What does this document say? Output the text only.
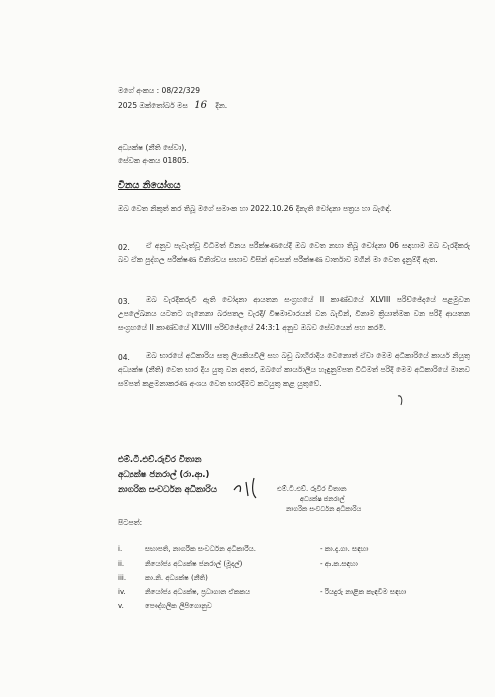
මගේ අංකය : 08/22/329
2025 ඔක්තෝබර් මස 16 දින.
අධ්‍යක්ෂ (නීති සේවා),
සේවක අංකය 01805.
විනය නියෝගය
ඔබ වෙත නිකුත් කර තිබූ මගේ සමාංක හා 2022.10.26 දිනැති චෝදනා පත්‍රය හා බැඳේ.
02.	ඒ අනුව පැවැත්වූ විධිමත් විනය පරීක්ෂණයේදී ඔබ වෙත නඟා තිබූ චෝදනා 06 සඳහාම ඔබ වැරදිකරු බව ඒක පුද්ගල පරීක්ෂණ විනිශ්චය සභාව විසින් අවසන් පරීක්ෂණ වාර්තාව මගින් මා වෙත දැනුම්දී ඇත.
03.	ඔබ වැරදිකරුවී ඇති චෝදනා ආයතන සංග්‍රහයේ II කාණ්ඩයේ XLVIII පරිච්ඡේදයේ පළමුවන උපලේඛනය යටතට ගැනෙනා බරපතල වැරදි/ විෂමාචාරයන් වන බැවින්, විනාම ක්‍රියාත්මක වන පරිදි ආයතන සංග්‍රහයේ II කාණ්ඩයේ XLVIII පරිච්ඡේදයේ 24:3:1 අනුව ඔබව සේවයෙන් පහ කරමි.
04.	ඔබ භාරයේ අධිකාරිය සතු ලියකියවිලි සහ බඩු බාහිරාදිය වෙනොත් ඒවා මෙම අධිකාරියේ කාර්ය නියුතු අධ්‍යක්ෂ (නීති) වෙත භාර දිය යුතු වන අතර, ඔබගේ කාර්යාලීය හැඳුනුම්පත විධිමත් පරිදි මෙම අධිකාරියේ මානව සම්පත් කළමනාකරණ අංශය වෙත භාරදීමට කටයුතු කළ යුතුවේ.
එම්.ටී.එච්.රුවිර විතාන
අධ්‍යක්ෂ ජනරාල් (රා.ආ.)
නාගරික සංවර්ධන අධිකාරිය	එම්.ටී.එච්. රුවිර විතාන
අධ්‍යක්ෂ ජනරාල්
නාගරික සංවර්ධන අධිකාරිය
පිටපත්:
i.	සභාපති, නාගරික සංවර්ධන අධිකාරිය.	- කා.දැ.ගා. සඳහා
ii.	නියෝජ්‍ය අධ්‍යක්ෂ ජනරාල් (මූදල්)	- ආ.ක.සඳහා
iii.	කා.නි. අධ්‍යක්ෂ (නීති)
iv.	නියෝජ්‍ය අධ්‍යක්ෂ, ප්‍රධාගාන ඒකකය	- රියදුරු නාළික කැඳවීම සඳහා
v.	පෞද්ගලික ලිපිගොනුව
